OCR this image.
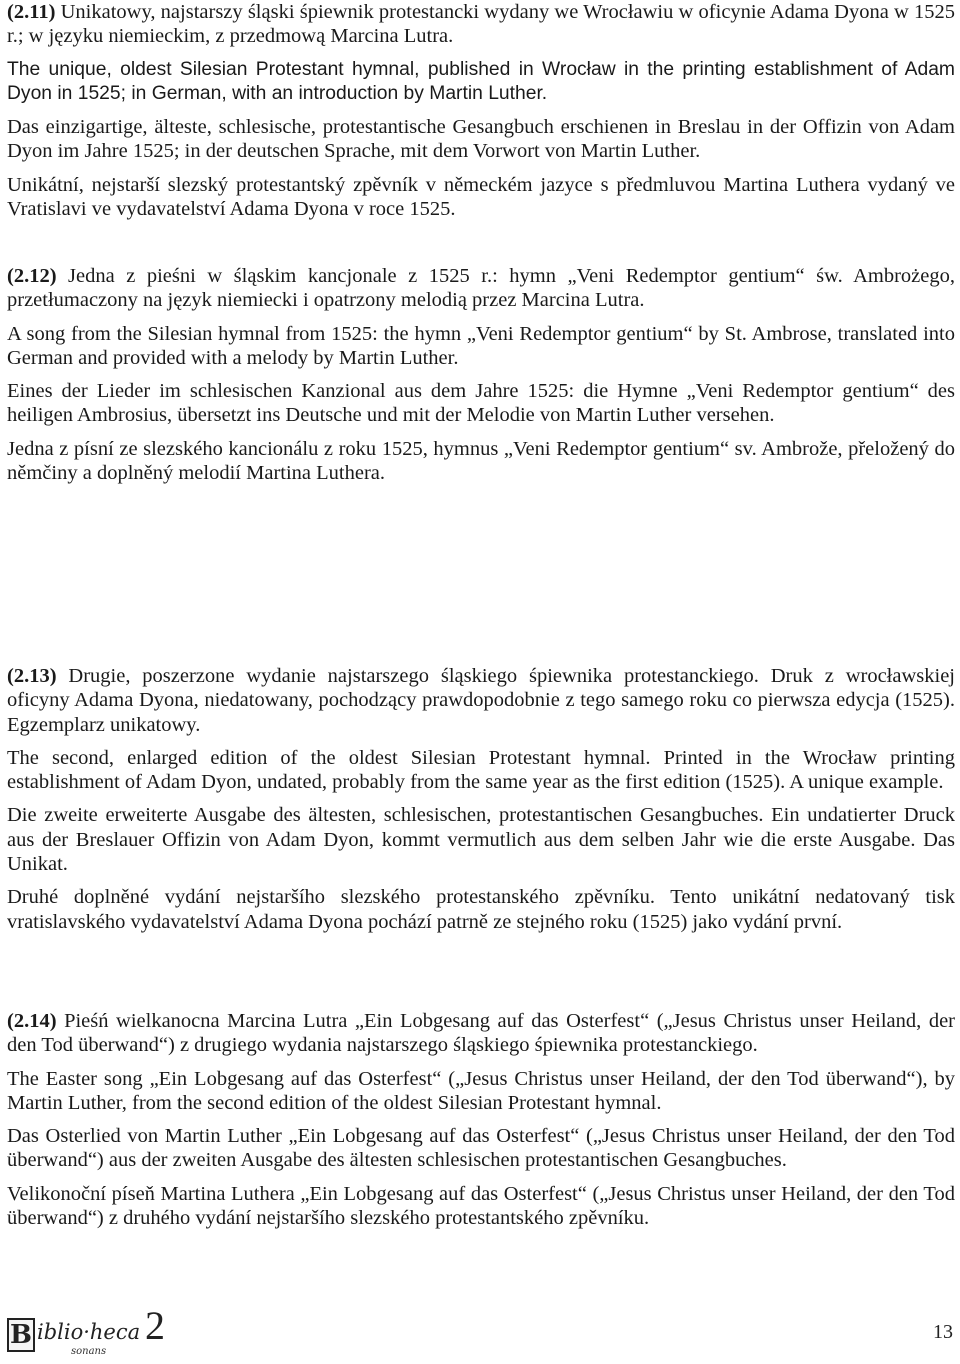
(2.11) Unikatowy, najstarszy śląski śpiewnik protestancki wydany we Wrocławiu w oficynie Adama Dyona w 1525 r.; w języku niemieckim, z przedmową Marcina Lutra.

The unique, oldest Silesian Protestant hymnal, published in Wrocław in the printing establishment of Adam Dyon in 1525; in German, with an introduction by Martin Luther.

Das einzigartige, älteste, schlesische, protestantische Gesangbuch erschienen in Breslau in der Offizin von Adam Dyon im Jahre 1525; in der deutschen Sprache, mit dem Vorwort von Martin Luther.

Unikátní, nejstarší slezský protestantský zpěvník v německém jazyce s předmluvou Martina Luthera vydaný ve Vratislavi ve vydavatelství Adama Dyona v roce 1525.

(2.12) Jedna z pieśni w śląskim kancjonale z 1525 r.: hymn „Veni Redemptor gentium“ św. Ambrożego, przetłumaczony na język niemiecki i opatrzony melodią przez Marcina Lutra.

A song from the Silesian hymnal from 1525: the hymn „Veni Redemptor gentium“ by St. Ambrose, translated into German and provided with a melody by Martin Luther.

Eines der Lieder im schlesischen Kanzional aus dem Jahre 1525: die Hymne „Veni Redemptor gentium“ des heiligen Ambrosius, übersetzt ins Deutsche und mit der Melodie von Martin Luther versehen.

Jedna z písní ze slezského kancionálu z roku 1525, hymnus „Veni Redemptor gentium“ sv. Ambrože, přeložený do němčiny a doplněný melodií Martina Luthera.

(2.13) Drugie, poszerzone wydanie najstarszego śląskiego śpiewnika protestanckiego. Druk z wrocławskiej oficyny Adama Dyona, niedatowany, pochodzący prawdopodobnie z tego samego roku co pierwsza edycja (1525). Egzemplarz unikatowy.

The second, enlarged edition of the oldest Silesian Protestant hymnal. Printed in the Wrocław printing establishment of Adam Dyon, undated, probably from the same year as the first edition (1525). A unique example.

Die zweite erweiterte Ausgabe des ältesten, schlesischen, protestantischen Gesangbuches. Ein undatierter Druck aus der Breslauer Offizin von Adam Dyon, kommt vermutlich aus dem selben Jahr wie die erste Ausgabe. Das Unikat.

Druhé doplněné vydání nejstaršího slezského protestanského zpěvníku. Tento unikátní nedatovaný tisk vratislavského vydavatelství Adama Dyona pochází patrně ze stejného roku (1525) jako vydání první.

(2.14) Pieśń wielkanocna Marcina Lutra „Ein Lobgesang auf das Osterfest“ („Jesus Christus unser Heiland, der den Tod überwand“) z drugiego wydania najstarszego śląskiego śpiewnika protestanckiego.

The Easter song „Ein Lobgesang auf das Osterfest“ („Jesus Christus unser Heiland, der den Tod überwand“), by Martin Luther, from the second edition of the oldest Silesian Protestant hymnal.

Das Osterlied von Martin Luther „Ein Lobgesang auf das Osterfest“ („Jesus Christus unser Heiland, der den Tod überwand“) aus der zweiten Ausgabe des ältesten schlesischen protestantischen Gesangbuches.

Velikonoční píseň Martina Luthera „Ein Lobgesang auf das Osterfest“ („Jesus Christus unser Heiland, der den Tod überwand“) z druhého vydání nejstaršího slezského protestantského zpěvníku.

B iblio·heca
sonans
2	13
